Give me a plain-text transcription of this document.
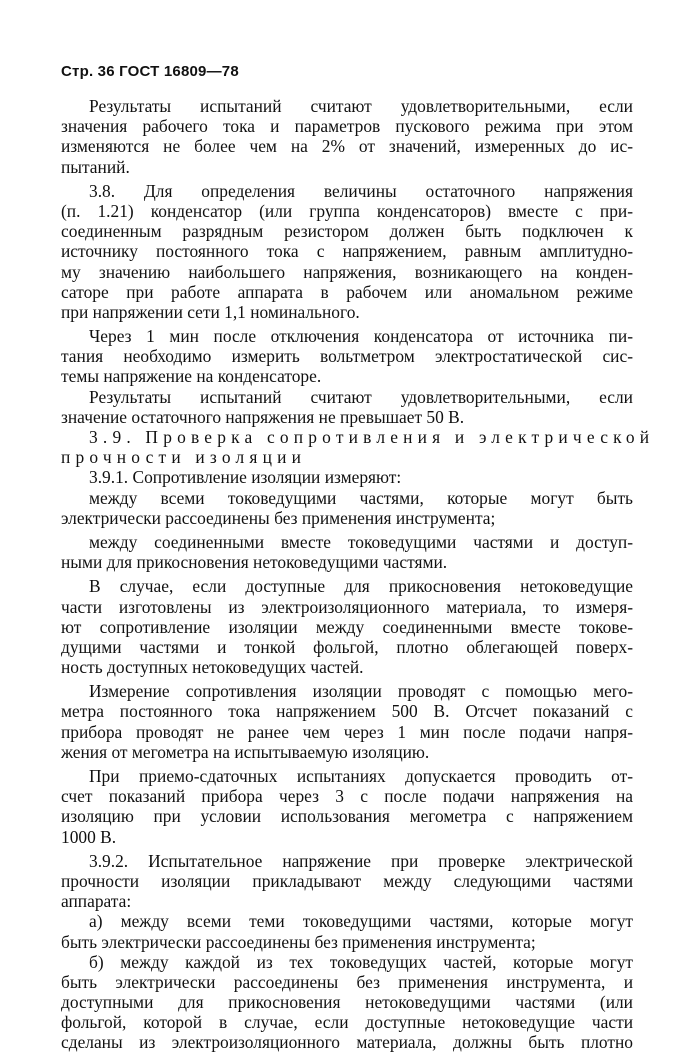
Стр. 36 ГОСТ 16809—78
Результаты испытаний считают удовлетворительными, если
значения рабочего тока и параметров пускового режима при этом
изменяются не более чем на 2% от значений, измеренных до ис-
пытаний.
3.8. Для определения величины остаточного напряжения
(п. 1.21) конденсатор (или группа конденсаторов) вместе с при-
соединенным разрядным резистором должен быть подключен к
источнику постоянного тока с напряжением, равным амплитудно-
му значению наибольшего напряжения, возникающего на конден-
саторе при работе аппарата в рабочем или аномальном режиме
при напряжении сети 1,1 номинального.
Через 1 мин после отключения конденсатора от источника пи-
тания необходимо измерить вольтметром электростатической сис-
темы напряжение на конденсаторе.
Результаты испытаний считают удовлетворительными, если
значение остаточного напряжения не превышает 50 В.
3.9. Проверка сопротивления и электрической
прочности изоляции
3.9.1. Сопротивление изоляции измеряют:
между всеми токоведущими частями, которые могут быть
электрически рассоединены без применения инструмента;
между соединенными вместе токоведущими частями и доступ-
ными для прикосновения нетоковедущими частями.
В случае, если доступные для прикосновения нетоковедущие
части изготовлены из электроизоляционного материала, то измеря-
ют сопротивление изоляции между соединенными вместе токове-
дущими частями и тонкой фольгой, плотно облегающей поверх-
ность доступных нетоковедущих частей.
Измерение сопротивления изоляции проводят с помощью мего-
метра постоянного тока напряжением 500 В. Отсчет показаний с
прибора проводят не ранее чем через 1 мин после подачи напря-
жения от мегометра на испытываемую изоляцию.
При приемо-сдаточных испытаниях допускается проводить от-
счет показаний прибора через 3 с после подачи напряжения на
изоляцию при условии использования мегометра с напряжением
1000 В.
3.9.2. Испытательное напряжение при проверке электрической
прочности изоляции прикладывают между следующими частями
аппарата:
а) между всеми теми токоведущими частями, которые могут
быть электрически рассоединены без применения инструмента;
б) между каждой из тех токоведущих частей, которые могут
быть электрически рассоединены без применения инструмента, и
доступными для прикосновения нетоковедущими частями (или
фольгой, которой в случае, если доступные нетоковедущие части
сделаны из электроизоляционного материала, должны быть плотно
